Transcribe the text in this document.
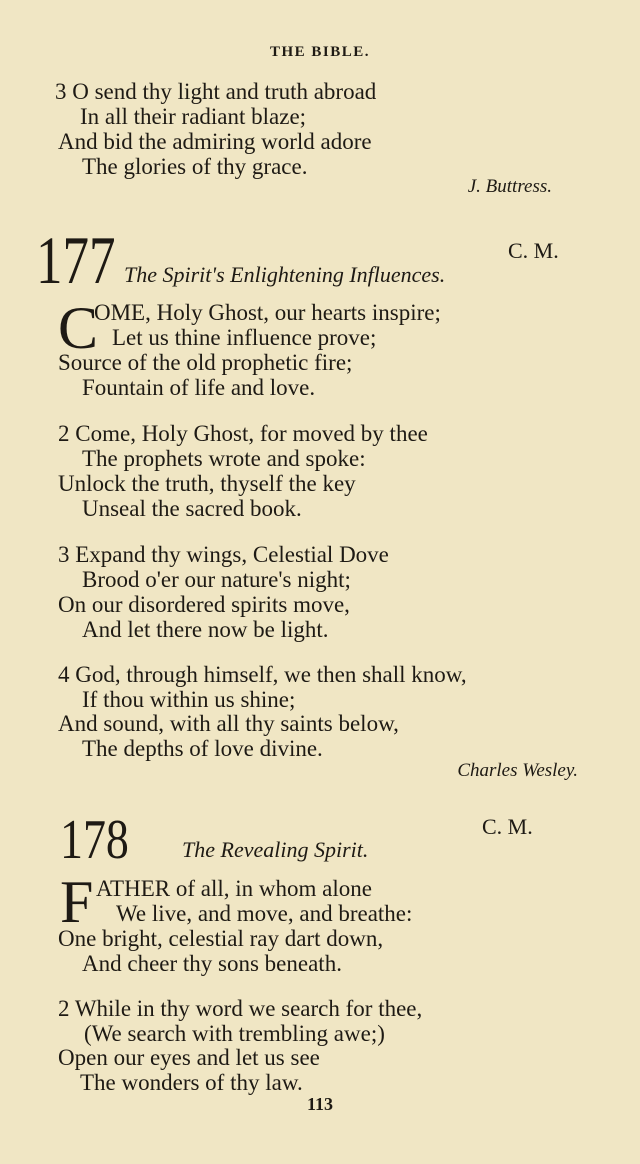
THE BIBLE.
3 O send thy light and truth abroad
In all their radiant blaze;
And bid the admiring world adore
The glories of thy grace.
J. Buttress.
177	C. M.
The Spirit's Enlightening Influences.
C
OME, Holy Ghost, our hearts inspire;
Let us thine influence prove;
Source of the old prophetic fire;
Fountain of life and love.
2 Come, Holy Ghost, for moved by thee
The prophets wrote and spoke:
Unlock the truth, thyself the key
Unseal the sacred book.
3 Expand thy wings, Celestial Dove
Brood o'er our nature's night;
On our disordered spirits move,
And let there now be light.
4 God, through himself, we then shall know,
If thou within us shine;
And sound, with all thy saints below,
The depths of love divine.
Charles Wesley.
178	C. M.
The Revealing Spirit.
F ATHER of all, in whom alone
We live, and move, and breathe:
One bright, celestial ray dart down,
And cheer thy sons beneath.
2 While in thy word we search for thee,
(We search with trembling awe;)
Open our eyes and let us see
The wonders of thy law.
113
